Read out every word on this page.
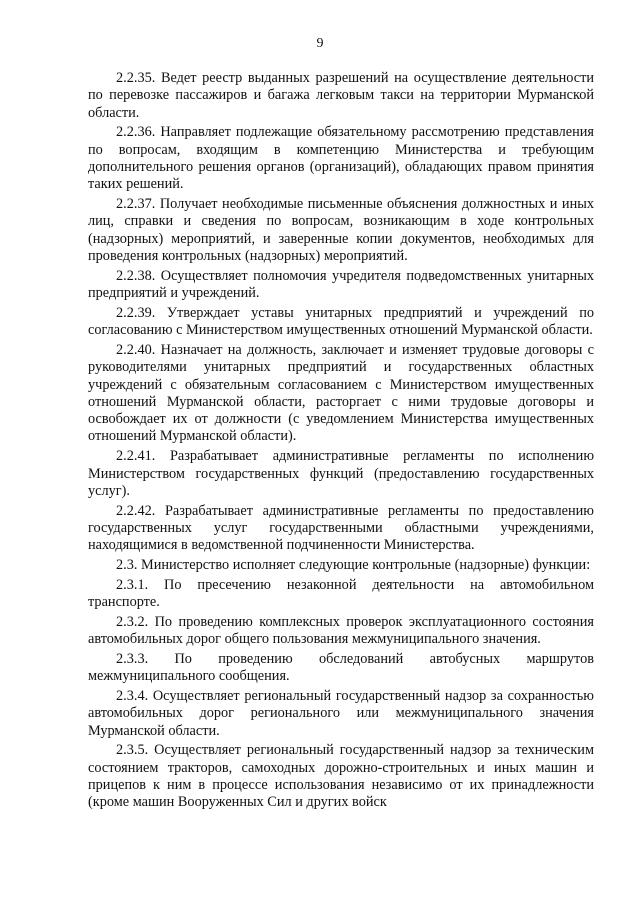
9

2.2.35. Ведет реестр выданных разрешений на осуществление деятельности по перевозке пассажиров и багажа легковым такси на территории Мурманской области.

2.2.36. Направляет подлежащие обязательному рассмотрению представления по вопросам, входящим в компетенцию Министерства и требующим дополнительного решения органов (организаций), обладающих правом принятия таких решений.

2.2.37. Получает необходимые письменные объяснения должностных и иных лиц, справки и сведения по вопросам, возникающим в ходе контрольных (надзорных) мероприятий, и заверенные копии документов, необходимых для проведения контрольных (надзорных) мероприятий.

2.2.38. Осуществляет полномочия учредителя подведомственных унитарных предприятий и учреждений.

2.2.39. Утверждает уставы унитарных предприятий и учреждений по согласованию с Министерством имущественных отношений Мурманской области.

2.2.40. Назначает на должность, заключает и изменяет трудовые договоры с руководителями унитарных предприятий и государственных областных учреждений с обязательным согласованием с Министерством имущественных отношений Мурманской области, расторгает с ними трудовые договоры и освобождает их от должности (с уведомлением Министерства имущественных отношений Мурманской области).

2.2.41. Разрабатывает административные регламенты по исполнению Министерством государственных функций (предоставлению государственных услуг).

2.2.42. Разрабатывает административные регламенты по предоставлению государственных услуг государственными областными учреждениями, находящимися в ведомственной подчиненности Министерства.

2.3. Министерство исполняет следующие контрольные (надзорные) функции:

2.3.1. По пресечению незаконной деятельности на автомобильном транспорте.

2.3.2. По проведению комплексных проверок эксплуатационного состояния автомобильных дорог общего пользования межмуниципального значения.

2.3.3. По проведению обследований автобусных маршрутов межмуниципального сообщения.

2.3.4. Осуществляет региональный государственный надзор за сохранностью автомобильных дорог регионального или межмуниципального значения Мурманской области.

2.3.5. Осуществляет региональный государственный надзор за техническим состоянием тракторов, самоходных дорожно-строительных и иных машин и прицепов к ним в процессе использования независимо от их принадлежности (кроме машин Вооруженных Сил и других войск
